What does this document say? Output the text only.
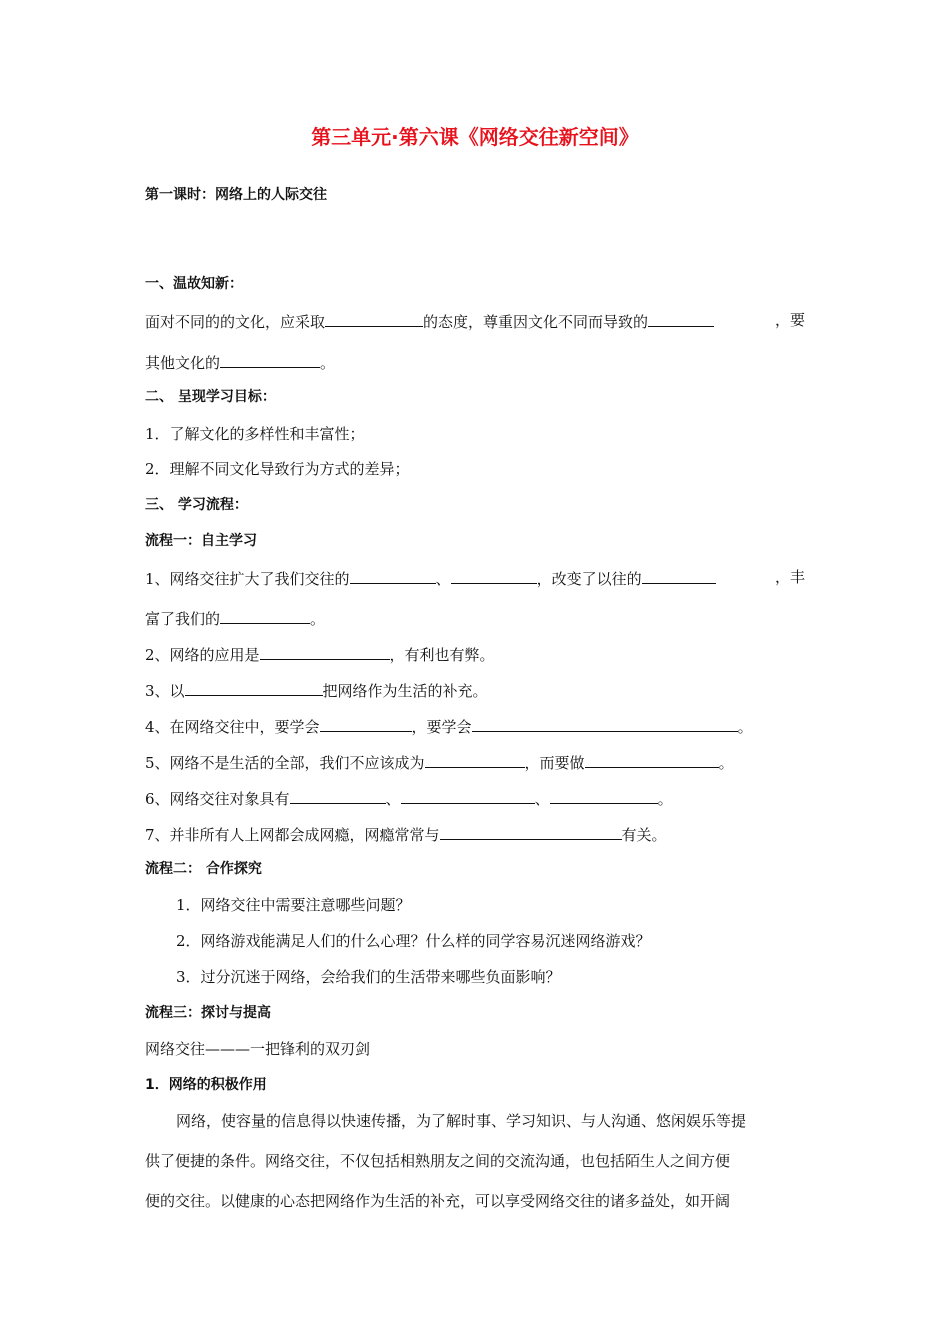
第三单元·第六课《网络交往新空间》
第一课时：网络上的人际交往
一、温故知新：
面对不同的的文化，应采取	的态度，尊重因文化不同而导致的	，要
其他文化的	。
二、 呈现学习目标：
1．了解文化的多样性和丰富性；
2．理解不同文化导致行为方式的差异；
三、 学习流程：
流程一：自主学习
1、网络交往扩大了我们交往的	、	，改变了以往的	，丰
富了我们的	。
2、网络的应用是	，有利也有弊。
3、以	把网络作为生活的补充。
4、在网络交往中，要学会	，要学会	。
5、网络不是生活的全部，我们不应该成为	，而要做	。
6、网络交往对象具有	、	、	。
7、并非所有人上网都会成网瘾，网瘾常常与	有关。
流程二： 合作探究
1．网络交往中需要注意哪些问题？
2．网络游戏能满足人们的什么心理？什么样的同学容易沉迷网络游戏？
3．过分沉迷于网络，会给我们的生活带来哪些负面影响？
流程三：探讨与提高
网络交往———一把锋利的双刃剑
1．网络的积极作用
网络，使容量的信息得以快速传播，为了解时事、学习知识、与人沟通、悠闲娱乐等提
供了便捷的条件。网络交往，不仅包括相熟朋友之间的交流沟通，也包括陌生人之间方便
便的交往。以健康的心态把网络作为生活的补充，可以享受网络交往的诸多益处，如开阔
